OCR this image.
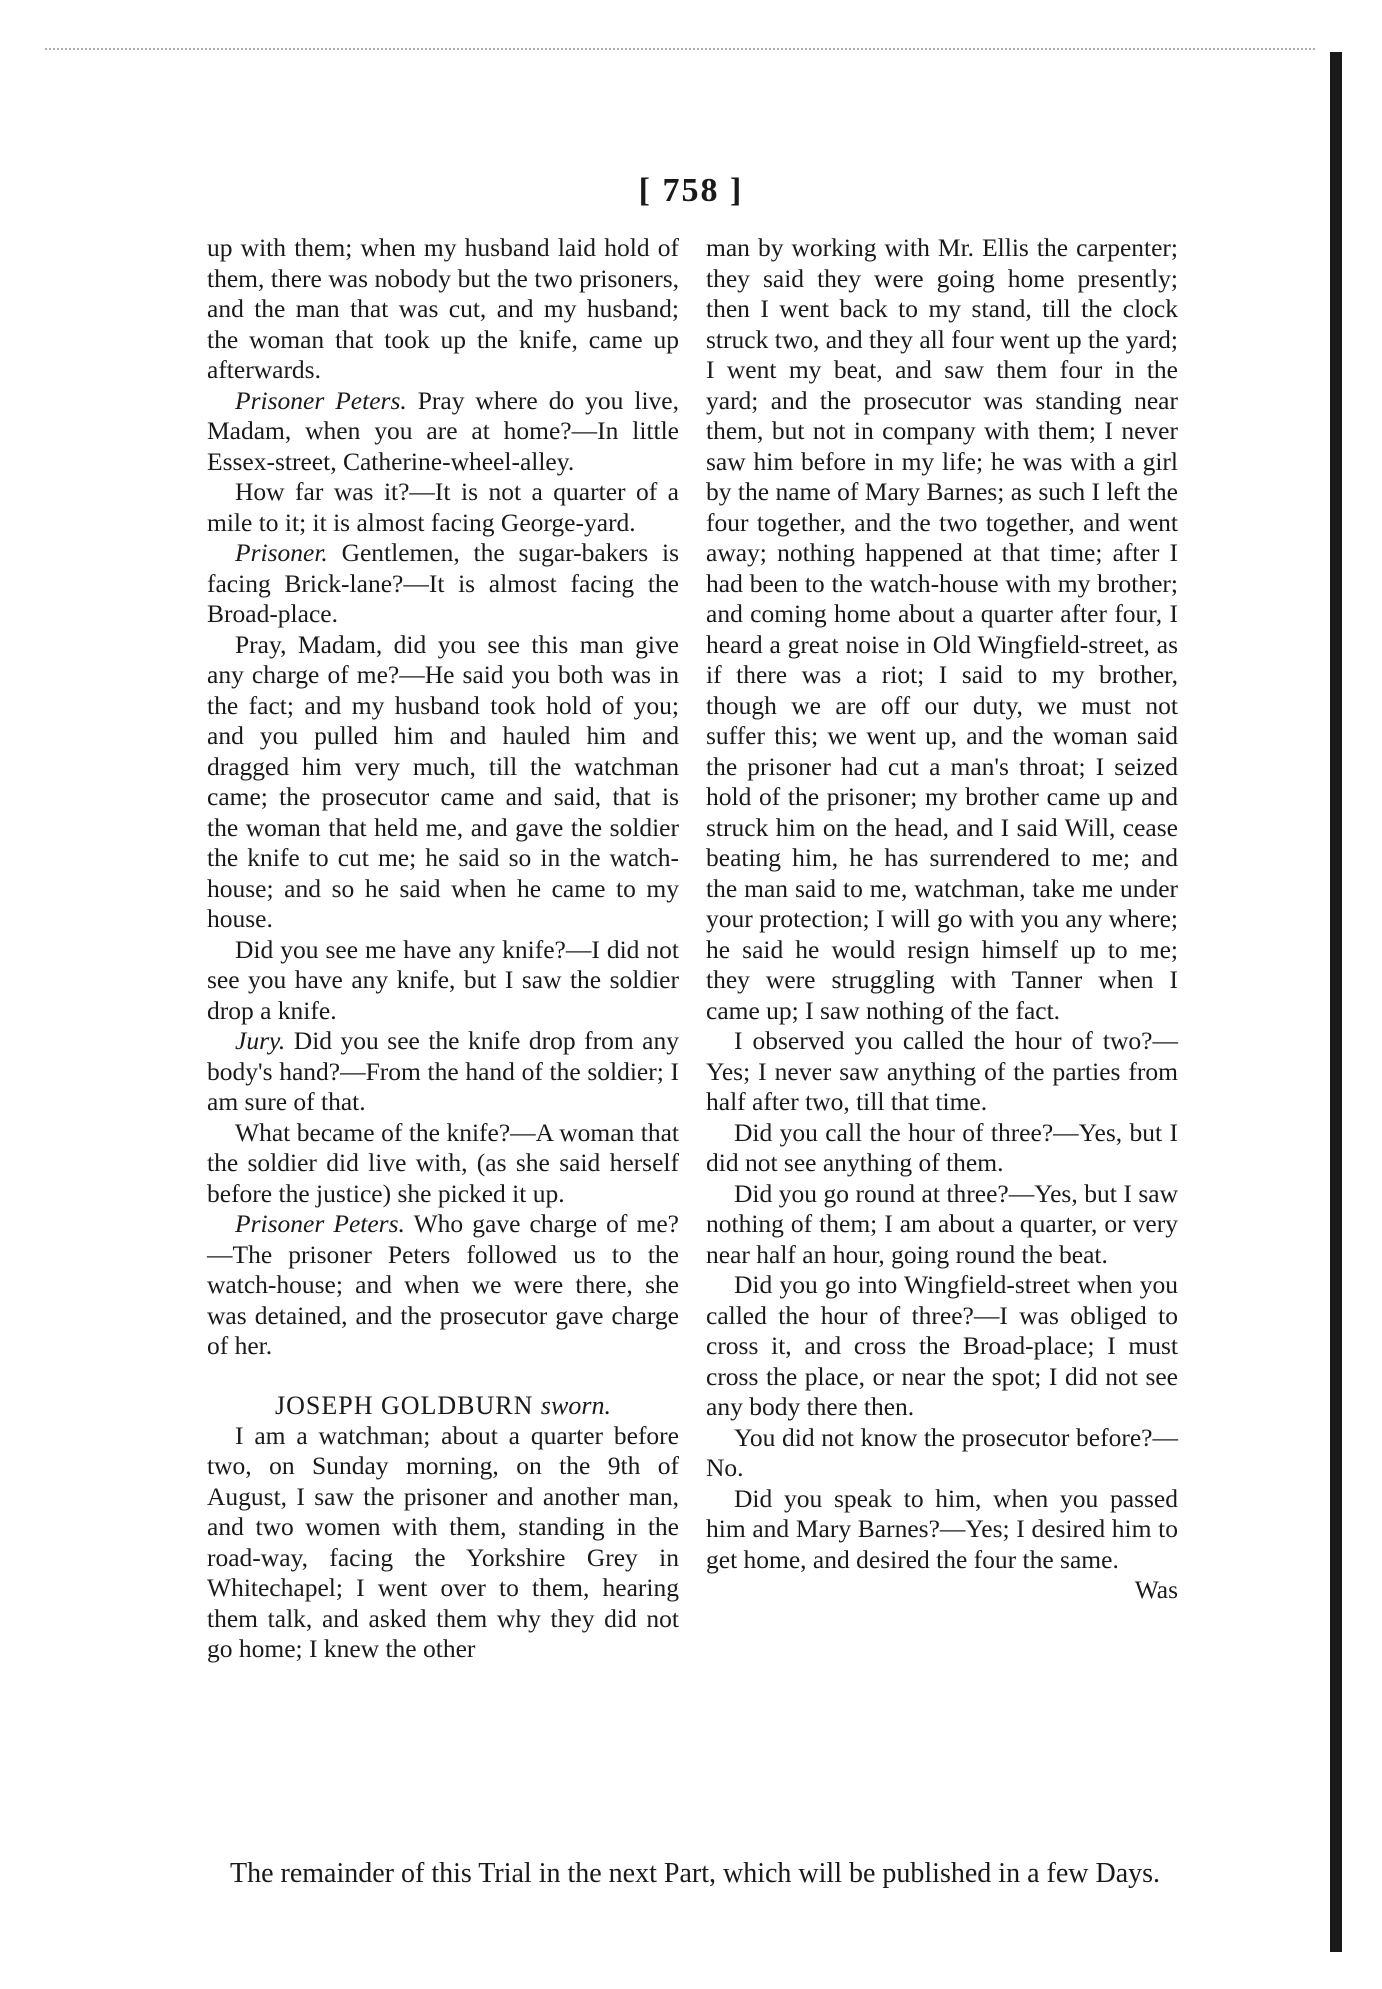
[ 758 ]

up with them; when my husband laid hold of them, there was nobody but the two prisoners, and the man that was cut, and my husband; the woman that took up the knife, came up afterwards.

Prisoner Peters. Pray where do you live, Madam, when you are at home?—In little Essex-street, Catherine-wheel-alley.

How far was it?—It is not a quarter of a mile to it; it is almost facing George-yard.

Prisoner. Gentlemen, the sugar-bakers is facing Brick-lane?—It is almost facing the Broad-place.

Pray, Madam, did you see this man give any charge of me?—He said you both was in the fact; and my husband took hold of you; and you pulled him and hauled him and dragged him very much, till the watchman came; the prosecutor came and said, that is the woman that held me, and gave the soldier the knife to cut me; he said so in the watch-house; and so he said when he came to my house.

Did you see me have any knife?—I did not see you have any knife, but I saw the soldier drop a knife.

Jury. Did you see the knife drop from any body's hand?—From the hand of the soldier; I am sure of that.

What became of the knife?—A woman that the soldier did live with, (as she said herself before the justice) she picked it up.

Prisoner Peters. Who gave charge of me?—The prisoner Peters followed us to the watch-house; and when we were there, she was detained, and the prosecutor gave charge of her.

JOSEPH GOLDBURN sworn.

I am a watchman; about a quarter before two, on Sunday morning, on the 9th of August, I saw the prisoner and another man, and two women with them, standing in the road-way, facing the Yorkshire Grey in Whitechapel; I went over to them, hearing them talk, and asked them why they did not go home; I knew the other

man by working with Mr. Ellis the carpenter; they said they were going home presently; then I went back to my stand, till the clock struck two, and they all four went up the yard; I went my beat, and saw them four in the yard; and the prosecutor was standing near them, but not in company with them; I never saw him before in my life; he was with a girl by the name of Mary Barnes; as such I left the four together, and the two together, and went away; nothing happened at that time; after I had been to the watch-house with my brother; and coming home about a quarter after four, I heard a great noise in Old Wingfield-street, as if there was a riot; I said to my brother, though we are off our duty, we must not suffer this; we went up, and the woman said the prisoner had cut a man's throat; I seized hold of the prisoner; my brother came up and struck him on the head, and I said Will, cease beating him, he has surrendered to me; and the man said to me, watchman, take me under your protection; I will go with you any where; he said he would resign himself up to me; they were struggling with Tanner when I came up; I saw nothing of the fact.

I observed you called the hour of two?—Yes; I never saw anything of the parties from half after two, till that time.

Did you call the hour of three?—Yes, but I did not see anything of them.

Did you go round at three?—Yes, but I saw nothing of them; I am about a quarter, or very near half an hour, going round the beat.

Did you go into Wingfield-street when you called the hour of three?—I was obliged to cross it, and cross the Broad-place; I must cross the place, or near the spot; I did not see any body there then.

You did not know the prosecutor before?—No.

Did you speak to him, when you passed him and Mary Barnes?—Yes; I desired him to get home, and desired the four the same.

Was

The remainder of this Trial in the next Part, which will be published in a few Days.
